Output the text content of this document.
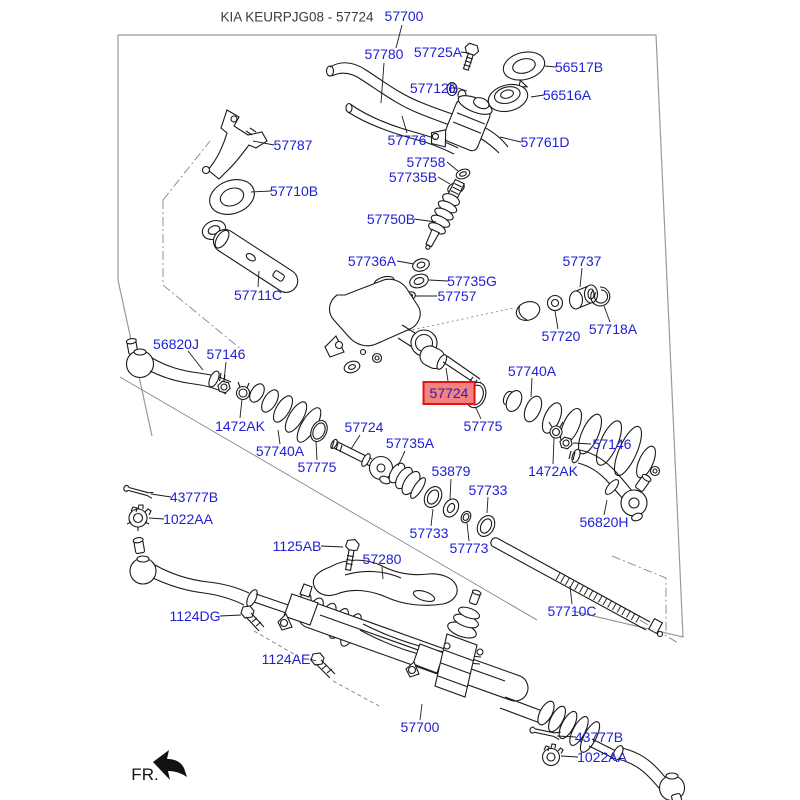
KIA KEURPJG08 - 57724 57700
57780 57725A
56517B
57712B	56516A
57761D
57776
57758
57735B
57750B
57736A	57737
57787
57710B
57711C
57735G
57757
57720 57718A
56820J
57146
1472AK
57740A
57775
57724
57735A
53879
57733
57733
57773
57775
57740A
57146
1472AK
56820H
57710C
1125AB
57280
1124DG
1124AE
43777B
1022AA
57700
43777B
1022AA
57724
FR.
